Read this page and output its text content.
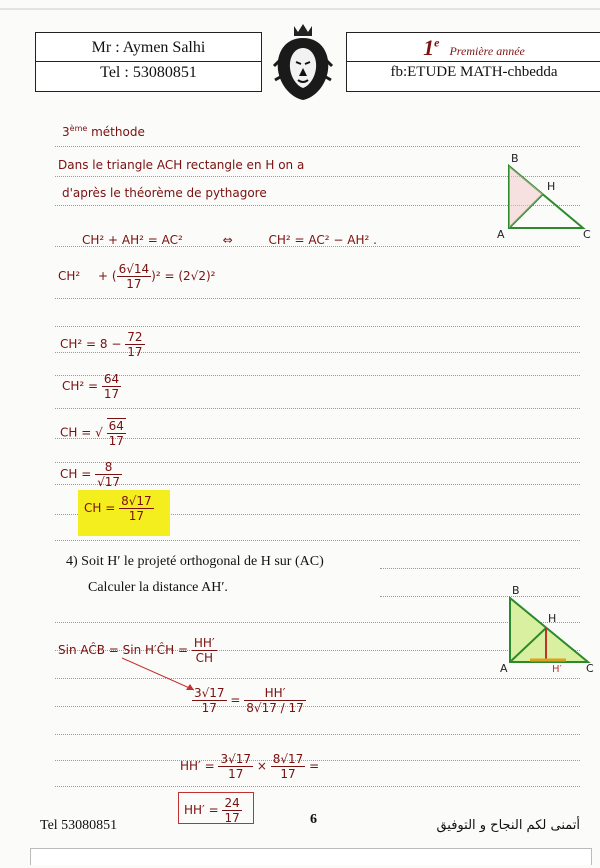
Mr : Aymen Salhi
Tel : 53080851
1e Première année
fb:ETUDE MATH-chbedda
3ème méthode
Dans le triangle ACH rectangle en H on a
d'après le théorème de pythagore
CH² + AH² = AC²	⇔	CH² = AC² − AH² .
CH² + ( $\frac{6√14}{17} )^2 = (2√2)^2$
$CH^2 = 8 - \frac{72}{17}$
$CH^2 = \frac{64}{17}$
CH = √ $\frac{64}{17}$
CH = $\frac{8}{√17}$
CH = $\frac{8√17}{17}$
B
H
A	C
4) Soit H′ le projeté orthogonal de H sur (AC)
Calculer la distance AH′.	B
H
A	H′ C
Sin AĈB = Sin H′ĈH = $\frac{HH'}{CH}$
$\frac{3√17}{17} = \frac{HH'}{8√17 / 17}$
$HH' = \frac{3√17}{17} \times \frac{8√17}{17}$ =
$HH' = \frac{24}{17}$
Tel 53080851	6	أتمنى لكم النجاح و التوفيق
